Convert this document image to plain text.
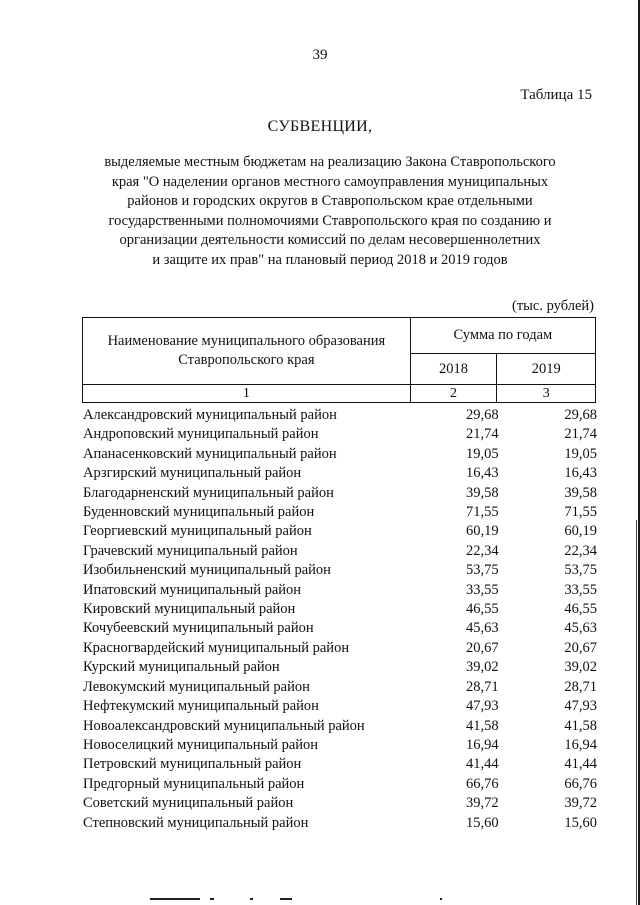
39
Таблица 15
СУБВЕНЦИИ,
выделяемые местным бюджетам на реализацию Закона Ставропольского
края "О наделении органов местного самоуправления муниципальных
районов и городских округов в Ставропольском крае отдельными
государственными полномочиями Ставропольского края по созданию и
организации деятельности комиссий по делам несовершеннолетних
и защите их прав" на плановый период 2018 и 2019 годов
(тыс. рублей)
Наименование муниципального образования Ставропольского края	Сумма по годам	
	2018	2019
1	2	3
Александровский муниципальный район	29,68	29,68
Андроповский муниципальный район	21,74	21,74
Апанасенковский муниципальный район	19,05	19,05
Арзгирский муниципальный район	16,43	16,43
Благодарненский муниципальный район	39,58	39,58
Буденновский муниципальный район	71,55	71,55
Георгиевский муниципальный район	60,19	60,19
Грачевский муниципальный район	22,34	22,34
Изобильненский муниципальный район	53,75	53,75
Ипатовский муниципальный район	33,55	33,55
Кировский муниципальный район	46,55	46,55
Кочубеевский муниципальный район	45,63	45,63
Красногвардейский муниципальный район	20,67	20,67
Курский муниципальный район	39,02	39,02
Левокумский муниципальный район	28,71	28,71
Нефтекумский муниципальный район	47,93	47,93
Новоалександровский муниципальный район	41,58	41,58
Новоселицкий муниципальный район	16,94	16,94
Петровский муниципальный район	41,44	41,44
Предгорный муниципальный район	66,76	66,76
Советский муниципальный район	39,72	39,72
Степновский муниципальный район	15,60	15,60
